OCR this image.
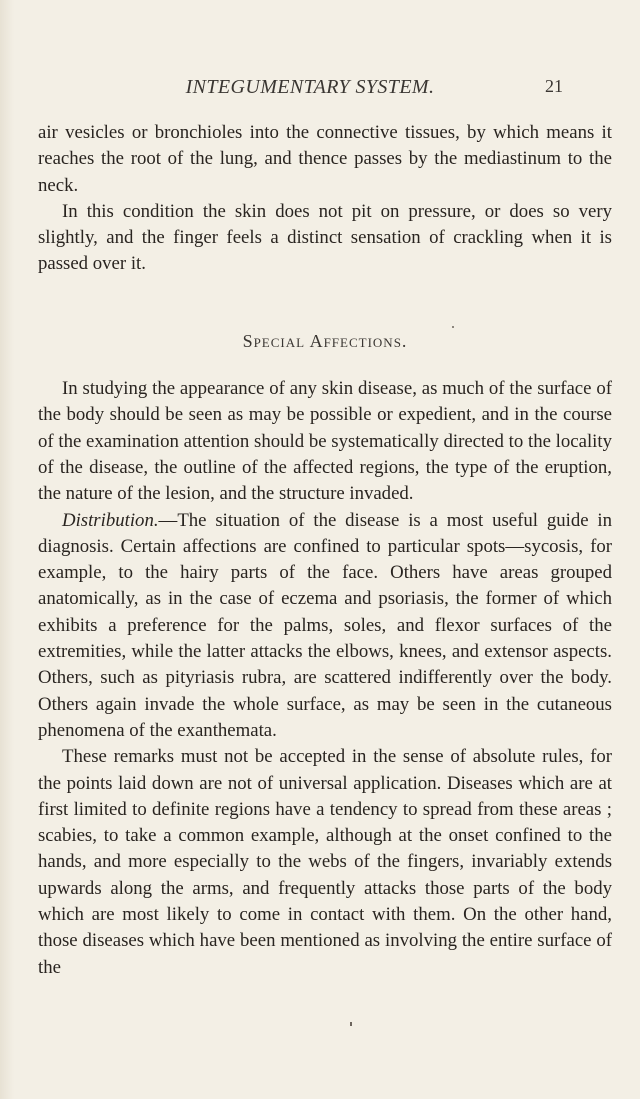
INTEGUMENTARY SYSTEM.	21

air vesicles or bronchioles into the connective tissues, by which means it reaches the root of the lung, and thence passes by the mediastinum to the neck.

In this condition the skin does not pit on pressure, or does so very slightly, and the finger feels a distinct sensation of crackling when it is passed over it.

Special Affections.

In studying the appearance of any skin disease, as much of the surface of the body should be seen as may be possible or expedient, and in the course of the examination attention should be systematically directed to the locality of the disease, the outline of the affected regions, the type of the eruption, the nature of the lesion, and the structure invaded.

Distribution.—The situation of the disease is a most useful guide in diagnosis. Certain affections are confined to particular spots—sycosis, for example, to the hairy parts of the face. Others have areas grouped anatomically, as in the case of eczema and psoriasis, the former of which exhibits a preference for the palms, soles, and flexor surfaces of the extremities, while the latter attacks the elbows, knees, and extensor aspects. Others, such as pityriasis rubra, are scattered indifferently over the body. Others again invade the whole surface, as may be seen in the cutaneous phenomena of the exanthemata.

These remarks must not be accepted in the sense of absolute rules, for the points laid down are not of universal application. Diseases which are at first limited to definite regions have a tendency to spread from these areas ; scabies, to take a common example, although at the onset confined to the hands, and more especially to the webs of the fingers, invariably extends upwards along the arms, and frequently attacks those parts of the body which are most likely to come in contact with them. On the other hand, those diseases which have been mentioned as involving the entire surface of the
